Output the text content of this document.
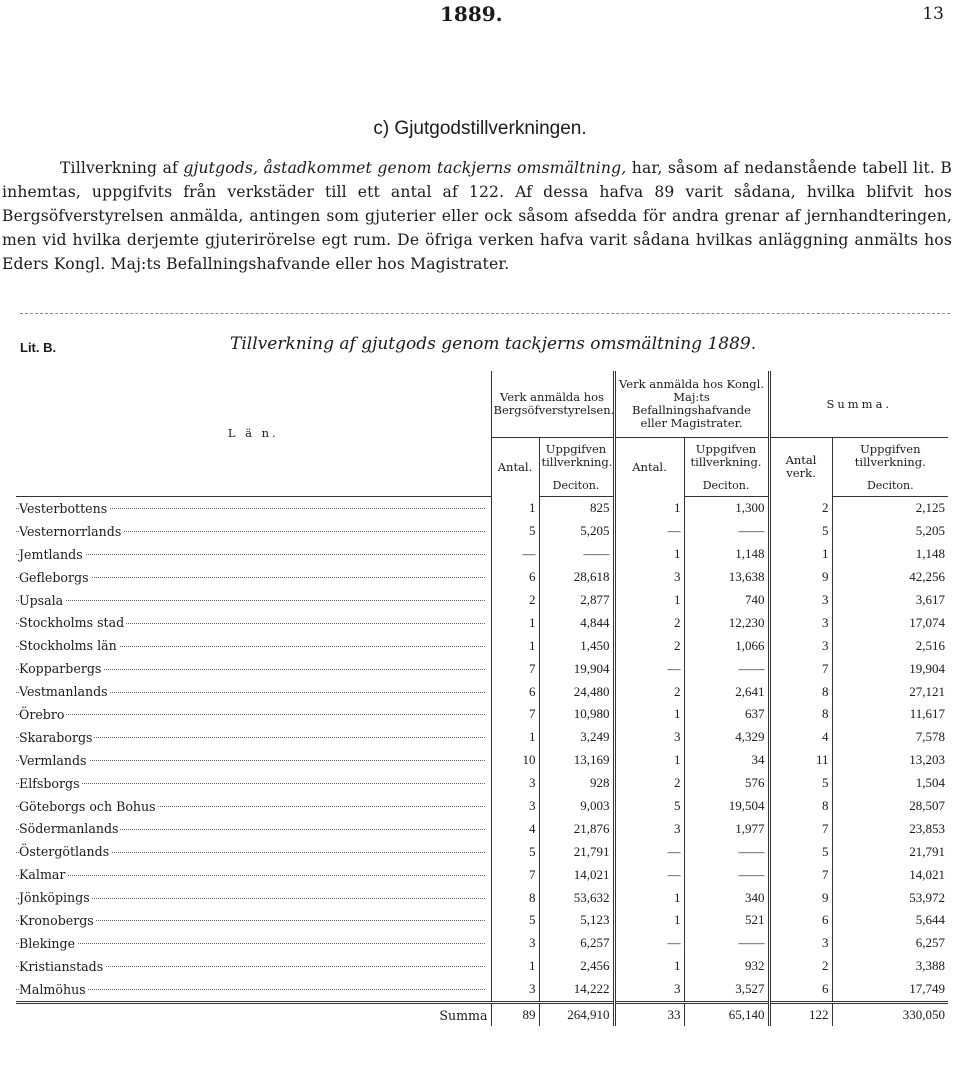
1889.	13
c) Gjutgodstillverkningen.
Tillverkning af gjutgods, åstadkommet genom tackjerns omsmältning, har, såsom af nedanstående tabell lit. B inhemtas, uppgifvits från verkstäder till ett antal af 122. Af dessa hafva 89 varit sådana, hvilka blifvit hos Bergsöfverstyrelsen anmälda, antingen som gjuterier eller ock såsom afsedda för andra grenar af jernhandteringen, men vid hvilka derjemte gjuterirörelse egt rum. De öfriga verken hafva varit sådana hvilkas anläggning anmälts hos Eders Kongl. Maj:ts Befallningshafvande eller hos Magistrater.
Lit. B.	Tillverkning af gjutgods genom tackjerns omsmältning 1889.
L ä n.	Verk anmälda hos Bergsöfverstyrelsen.		Verk anmälda hos Kongl. Maj:ts Befallningshafvande eller Magistrater.		Summa.	
	Antal.	Uppgifven tillverkning.	Antal.	Uppgifven tillverkning.	Antal verk.	Uppgifven tillverkning.
		Deciton.		Deciton.		Deciton.

Vesterbottens	1	825	1	1,300	2	2,125

Vesternorrlands	5	5,205	—	——	5	5,205

Jemtlands	—	——	1	1,148	1	1,148

Gefleborgs	6	28,618	3	13,638	9	42,256

Upsala	2	2,877	1	740	3	3,617

Stockholms stad	1	4,844	2	12,230	3	17,074

Stockholms län	1	1,450	2	1,066	3	2,516

Kopparbergs	7	19,904	—	——	7	19,904

Vestmanlands	6	24,480	2	2,641	8	27,121

Örebro	7	10,980	1	637	8	11,617

Skaraborgs	1	3,249	3	4,329	4	7,578

Vermlands	10	13,169	1	34	11	13,203

Elfsborgs	3	928	2	576	5	1,504

Göteborgs och Bohus	3	9,003	5	19,504	8	28,507

Södermanlands	4	21,876	3	1,977	7	23,853

Östergötlands	5	21,791	—	——	5	21,791

Kalmar	7	14,021	—	——	7	14,021

Jönköpings	8	53,632	1	340	9	53,972

Kronobergs	5	5,123	1	521	6	5,644

Blekinge	3	6,257	—	——	3	6,257

Kristianstads	1	2,456	1	932	2	3,388

Malmöhus	3	14,222	3	3,527	6	17,749
Summa	89	264,910	33	65,140	122	330,050
